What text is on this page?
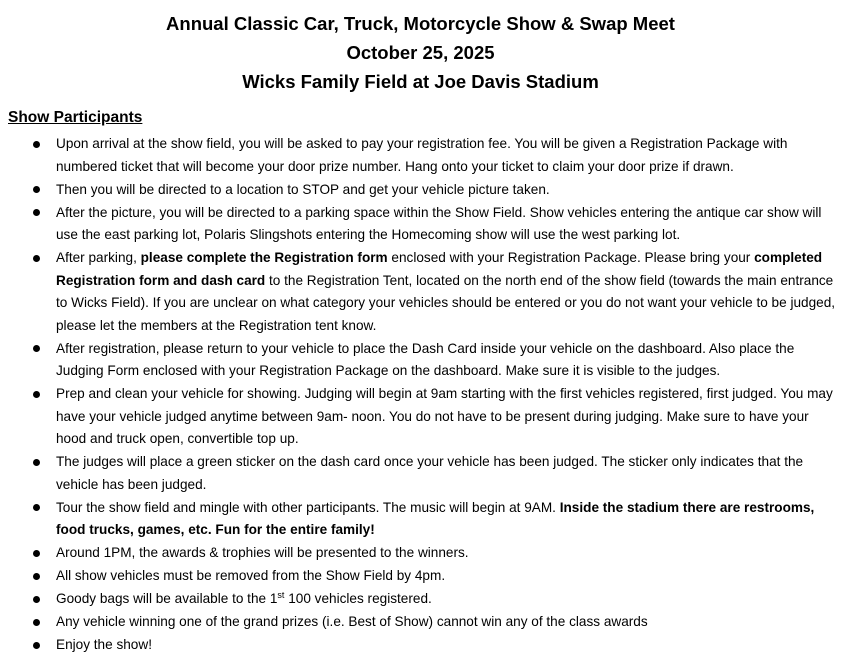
Annual Classic Car, Truck, Motorcycle Show & Swap Meet
October 25, 2025
Wicks Family Field at Joe Davis Stadium
Show Participants
Upon arrival at the show field, you will be asked to pay your registration fee. You will be given a Registration Package with numbered ticket that will become your door prize number. Hang onto your ticket to claim your door prize if drawn.
Then you will be directed to a location to STOP and get your vehicle picture taken.
After the picture, you will be directed to a parking space within the Show Field. Show vehicles entering the antique car show will use the east parking lot, Polaris Slingshots entering the Homecoming show will use the west parking lot.
After parking, please complete the Registration form enclosed with your Registration Package. Please bring your completed Registration form and dash card to the Registration Tent, located on the north end of the show field (towards the main entrance to Wicks Field). If you are unclear on what category your vehicles should be entered or you do not want your vehicle to be judged, please let the members at the Registration tent know.
After registration, please return to your vehicle to place the Dash Card inside your vehicle on the dashboard. Also place the Judging Form enclosed with your Registration Package on the dashboard. Make sure it is visible to the judges.
Prep and clean your vehicle for showing. Judging will begin at 9am starting with the first vehicles registered, first judged. You may have your vehicle judged anytime between 9am- noon. You do not have to be present during judging. Make sure to have your hood and truck open, convertible top up.
The judges will place a green sticker on the dash card once your vehicle has been judged. The sticker only indicates that the vehicle has been judged.
Tour the show field and mingle with other participants. The music will begin at 9AM. Inside the stadium there are restrooms, food trucks, games, etc. Fun for the entire family!
Around 1PM, the awards & trophies will be presented to the winners.
All show vehicles must be removed from the Show Field by 4pm.
Goody bags will be available to the 1st 100 vehicles registered.
Any vehicle winning one of the grand prizes (i.e. Best of Show) cannot win any of the class awards
Enjoy the show!
